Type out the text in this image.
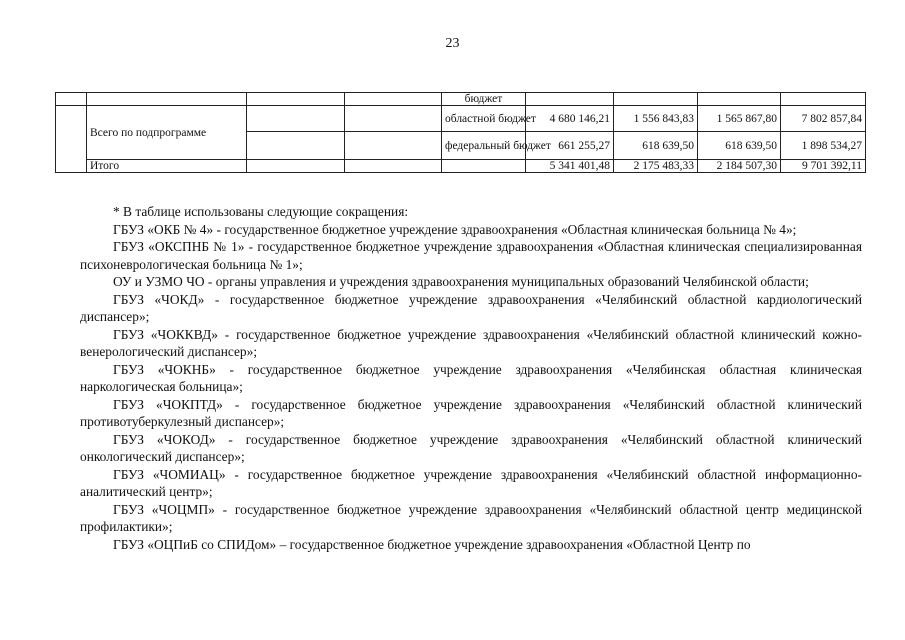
23
				бюджет				
	Всего по подпрограмме			областной бюджет	4 680 146,21	1 556 843,83	1 565 867,80	7 802 857,84
				федеральный бюджет	661 255,27	618 639,50	618 639,50	1 898 534,27
	Итого				5 341 401,48	2 175 483,33	2 184 507,30	9 701 392,11

* В таблице использованы следующие сокращения:

ГБУЗ «ОКБ № 4» - государственное бюджетное учреждение здравоохранения «Областная клиническая больница № 4»;

ГБУЗ «ОКСПНБ № 1» - государственное бюджетное учреждение здравоохранения «Областная клиническая специализированная психоневрологическая больница № 1»;

ОУ и УЗМО ЧО - органы управления и учреждения здравоохранения муниципальных образований Челябинской области;

ГБУЗ «ЧОКД» - государственное бюджетное учреждение здравоохранения «Челябинский областной кардиологический диспансер»;

ГБУЗ «ЧОККВД» - государственное бюджетное учреждение здравоохранения «Челябинский областной клинический кожно-венерологический диспансер»;

ГБУЗ «ЧОКНБ» - государственное бюджетное учреждение здравоохранения «Челябинская областная клиническая наркологическая больница»;

ГБУЗ «ЧОКПТД» - государственное бюджетное учреждение здравоохранения «Челябинский областной клинический противотуберкулезный диспансер»;

ГБУЗ «ЧОКОД» - государственное бюджетное учреждение здравоохранения «Челябинский областной клинический онкологический диспансер»;

ГБУЗ «ЧОМИАЦ» - государственное бюджетное учреждение здравоохранения «Челябинский областной информационно-аналитический центр»;

ГБУЗ «ЧОЦМП» - государственное бюджетное учреждение здравоохранения «Челябинский областной центр медицинской профилактики»;

ГБУЗ «ОЦПиБ со СПИДом» – государственное бюджетное учреждение здравоохранения «Областной Центр по
